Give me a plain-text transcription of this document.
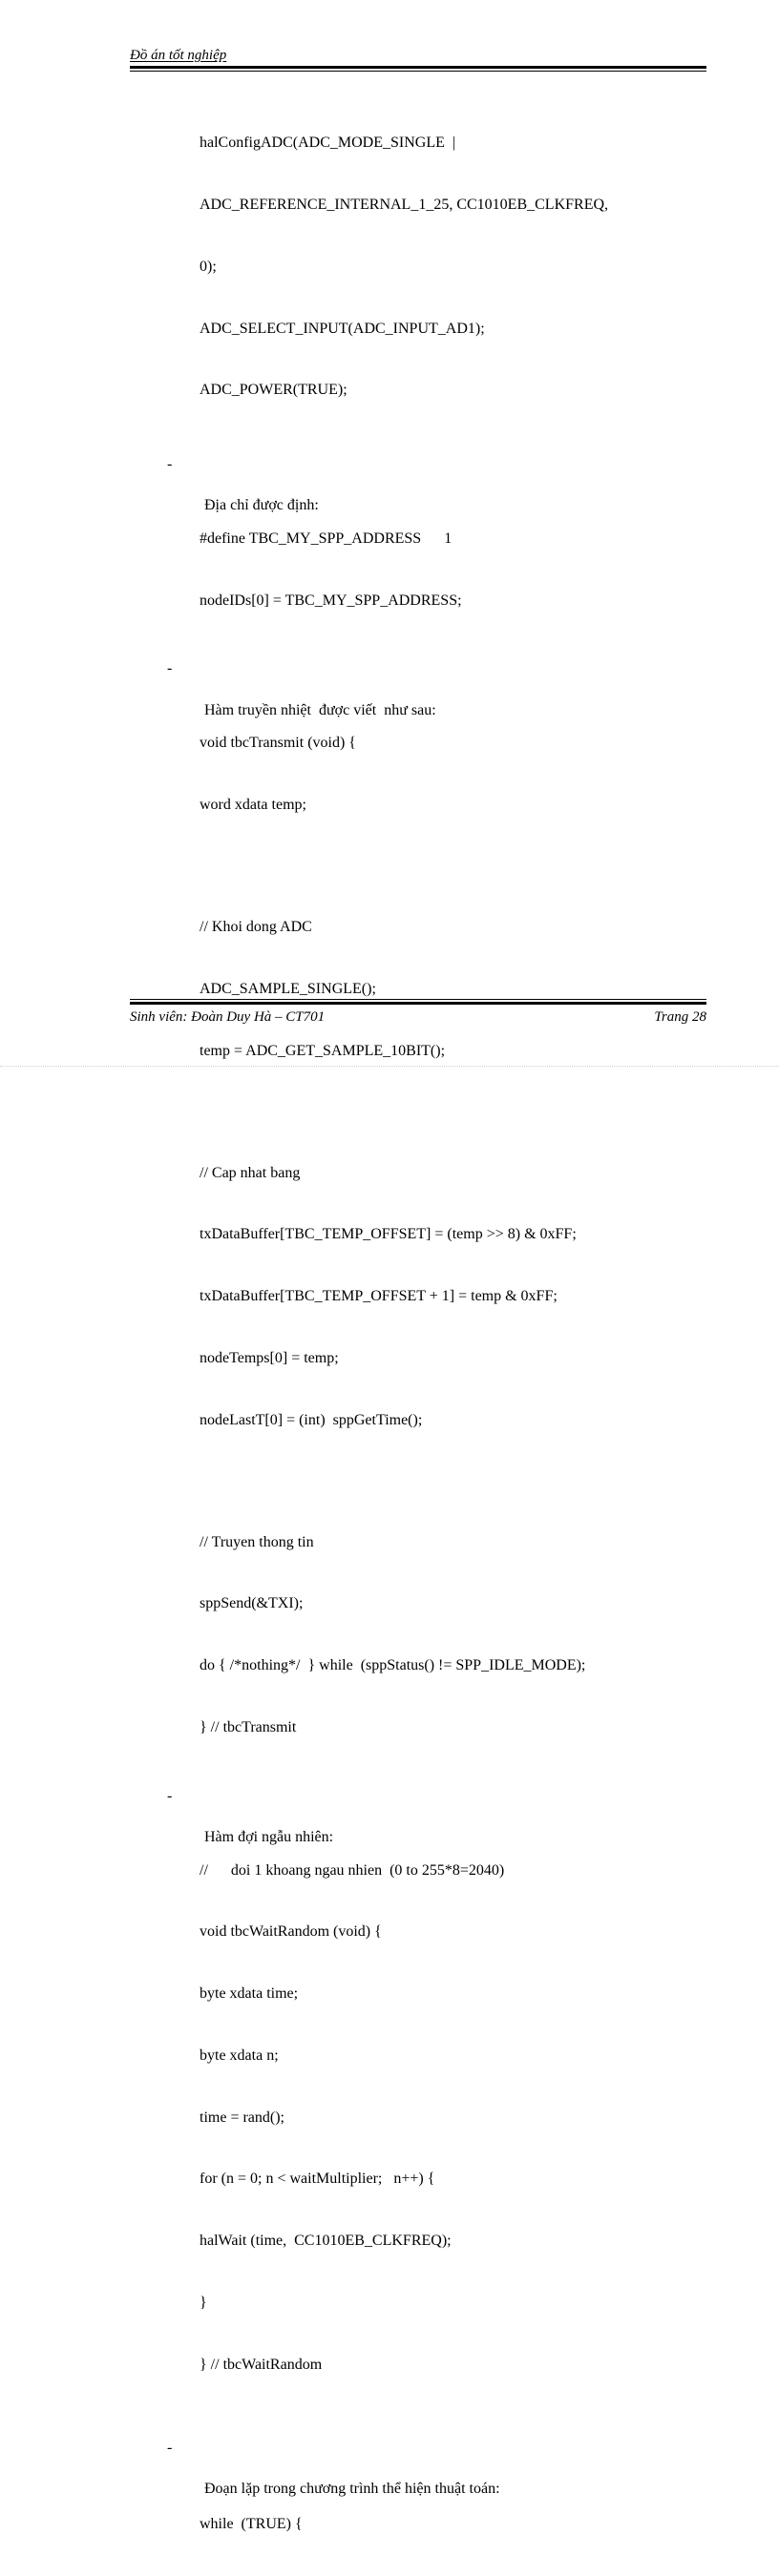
Đồ án tốt nghiệp

halConfigADC(ADC_MODE_SINGLE  |

ADC_REFERENCE_INTERNAL_1_25, CC1010EB_CLKFREQ,

0);

ADC_SELECT_INPUT(ADC_INPUT_AD1);

ADC_POWER(TRUE);

-

Địa chỉ được định:

#define TBC_MY_SPP_ADDRESS      1

nodeIDs[0] = TBC_MY_SPP_ADDRESS;

-

Hàm truyền nhiệt  được viết  như sau:

void tbcTransmit (void) {

word xdata temp;

// Khoi dong ADC

ADC_SAMPLE_SINGLE();

temp = ADC_GET_SAMPLE_10BIT();

// Cap nhat bang

txDataBuffer[TBC_TEMP_OFFSET] = (temp >> 8) & 0xFF;

txDataBuffer[TBC_TEMP_OFFSET + 1] = temp & 0xFF;

nodeTemps[0] = temp;

nodeLastT[0] = (int)  sppGetTime();

// Truyen thong tin

sppSend(&TXI);

do { /*nothing*/  } while  (sppStatus() != SPP_IDLE_MODE);

} // tbcTransmit

-

Hàm đợi ngẫu nhiên:

//      doi 1 khoang ngau nhien  (0 to 255*8=2040)

void tbcWaitRandom (void) {

byte xdata time;

byte xdata n;

time = rand();

for (n = 0; n < waitMultiplier;   n++) {

halWait (time,  CC1010EB_CLKFREQ);

}

} // tbcWaitRandom

-

Đoạn lặp trong chương trình thể hiện thuật toán:

while  (TRUE) {

Sinh viên: Đoàn Duy Hà – CT701	Trang 28
